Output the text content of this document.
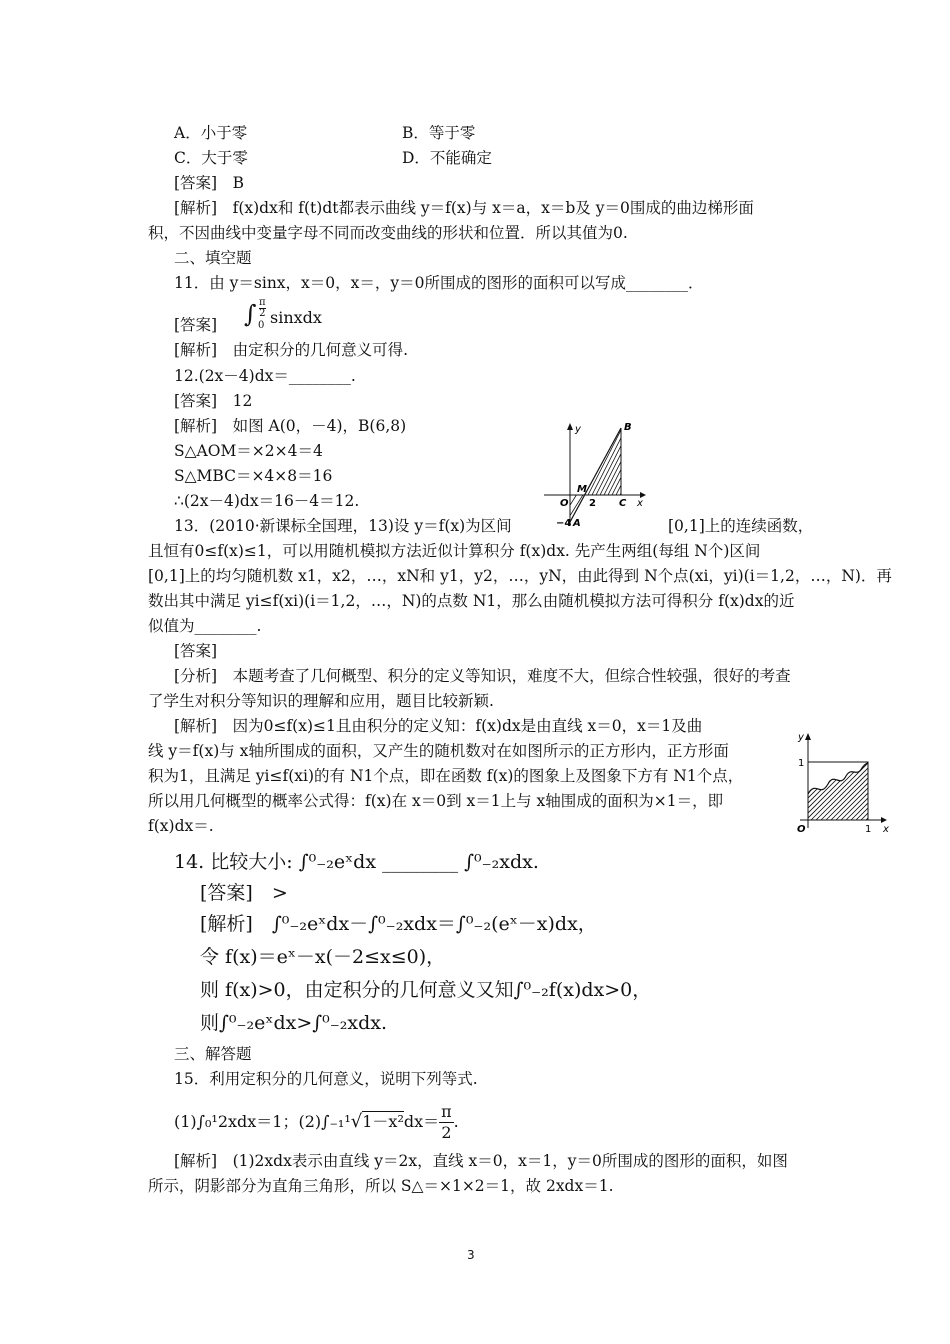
A．小于零	B．等于零
C．大于零	D．不能确定
[答案]　B
[解析]　f(x)dx和 f(t)dt都表示曲线 y＝f(x)与 x＝a，x＝b及 y＝0围成的曲边梯形面
积，不因曲线中变量字母不同而改变曲线的形状和位置．所以其值为0.
二、填空题
11．由 y＝sinx，x＝0，x＝，y＝0所围成的图形的面积可以写成________．
[答案] ∫ $\frac{\pi}{2}$
0 sinxdx
[解析]　由定积分的几何意义可得.
12.(2x－4)dx＝________.
[答案]　12
[解析]　如图 A(0，－4)，B(6,8)
S△AOM＝×2×4＝4
S△MBC＝×4×8＝16
∴(2x－4)dx＝16－4＝12.
y	B
M
O 2 C x
−4 A
13．(2010·新课标全国理，13)设 y＝f(x)为区间	[0,1]上的连续函数，
且恒有0≤f(x)≤1，可以用随机模拟方法近似计算积分 f(x)dx. 先产生两组(每组 N个)区间
[0,1]上的均匀随机数 x1，x2，…，xN和 y1，y2，…，yN，由此得到 N个点(xi，yi)(i＝1,2，…，N)．再
数出其中满足 yi≤f(xi)(i＝1,2，…，N)的点数 N1，那么由随机模拟方法可得积分 f(x)dx的近
似值为________.
[答案]
[分析]　本题考查了几何概型、积分的定义等知识，难度不大，但综合性较强，很好的考查
了学生对积分等知识的理解和应用，题目比较新颖.
[解析]　因为0≤f(x)≤1且由积分的定义知：f(x)dx是由直线 x＝0，x＝1及曲
线 y＝f(x)与 x轴所围成的面积，又产生的随机数对在如图所示的正方形内，正方形面
积为1，且满足 yi≤f(xi)的有 N1个点，即在函数 f(x)的图象上及图象下方有 N1个点，
所以用几何概型的概率公式得：f(x)在 x＝0到 x＝1上与 x轴围成的面积为×1＝，即
f(x)dx＝.
y
1
O	1 x
14. 比较大小: ∫⁰₋₂eˣdx ________ ∫⁰₋₂xdx.
[答案]　>
[解析]　∫⁰₋₂eˣdx－∫⁰₋₂xdx＝∫⁰₋₂(eˣ－x)dx，
令 f(x)＝eˣ－x(－2≤x≤0)，
则 f(x)>0，由定积分的几何意义又知∫⁰₋₂f(x)dx>0，
则∫⁰₋₂eˣdx>∫⁰₋₂xdx.
三、解答题
15．利用定积分的几何意义，说明下列等式.
(1)∫₀¹2xdx＝1；$(2)\int_{-1}^1√1-x^2dx= \frac{\pi}{2}$ .
[解析]　(1)2xdx表示由直线 y＝2x，直线 x＝0，x＝1，y＝0所围成的图形的面积，如图
所示，阴影部分为直角三角形，所以 S△＝×1×2＝1，故 2xdx＝1.
3
